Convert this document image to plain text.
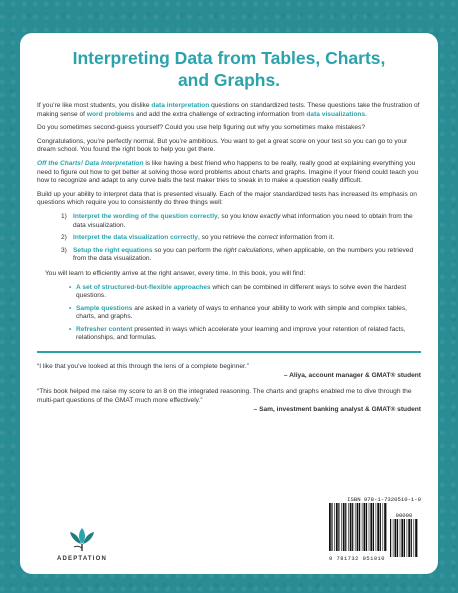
Interpreting Data from Tables, Charts, and Graphs.

If you’re like most students, you dislike data interpretation questions on standardized tests. These questions take the frustration of making sense of word problems and add the extra challenge of extracting information from data visualizations.

Do you sometimes second-guess yourself? Could you use help figuring out why you sometimes make mistakes?

Congratulations, you’re perfectly normal. But you’re ambitious. You want to get a great score on your test so you can go to your dream school. You found the right book to help you get there.

Off the Charts! Data Interpretation is like having a best friend who happens to be really, really good at explaining everything you need to figure out how to get better at solving those word problems about charts and graphs. Imagine if your friend could teach you how to recognize and adapt to any curve balls the test maker tries to sneak in to make a question really difficult.

Build up your ability to interpret data that is presented visually. Each of the major standardized tests has increased its emphasis on questions which require you to consistently do three things well:

1) Interpret the wording of the question correctly, so you know exactly what information you need to obtain from the data visualization.
2) Interpret the data visualization correctly, so you retrieve the correct information from it.
3) Setup the right equations so you can perform the right calculations, when applicable, on the numbers you retrieved from the data visualization.

You will learn to efficiently arrive at the right answer, every time. In this book, you will find:

• A set of structured-but-flexible approaches which can be combined in different ways to solve even the hardest questions.
• Sample questions are asked in a variety of ways to enhance your ability to work with simple and complex tables, charts, and graphs.
• Refresher content presented in ways which accelerate your learning and improve your retention of related facts, relationships, and formulas.

“I like that you’ve looked at this through the lens of a complete beginner.”

– Aliya, account manager & GMAT® student

“This book helped me raise my score to an 8 on the integrated reasoning. The charts and graphs enabled me to dive through the multi-part questions of the GMAT much more effectively.”

– Sam, investment banking analyst & GMAT® student

ADEPTATION
ISBN 978-1-7320510-1-0
9 781732 051010
90000
